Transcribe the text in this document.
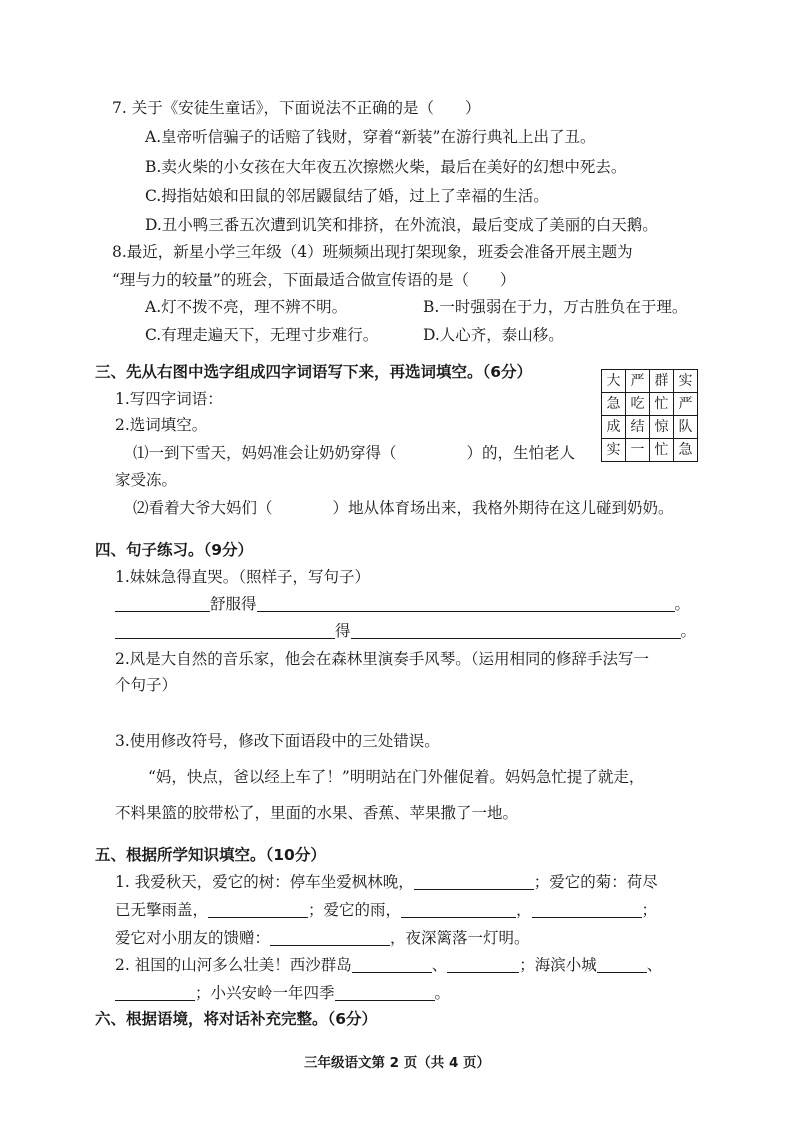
7. 关于《安徒生童话》，下面说法不正确的是（　　）
A.皇帝听信骗子的话赔了钱财，穿着“新装”在游行典礼上出了丑。
B.卖火柴的小女孩在大年夜五次擦燃火柴，最后在美好的幻想中死去。
C.拇指姑娘和田鼠的邻居鼹鼠结了婚，过上了幸福的生活。
D.丑小鸭三番五次遭到讥笑和排挤，在外流浪，最后变成了美丽的白天鹅。
8.最近，新星小学三年级（4）班频频出现打架现象，班委会准备开展主题为
“理与力的较量”的班会，下面最适合做宣传语的是（　　）
A.灯不拨不亮，理不辨不明。	B.一时强弱在于力，万古胜负在于理。
C.有理走遍天下，无理寸步难行。	D.人心齐，泰山移。
三、先从右图中选字组成四字词语写下来，再选词填空。（6分）
1.写四字词语：
2.选词填空。
⑴一到下雪天，妈妈准会让奶奶穿得（	）的，生怕老人
家受冻。
⑵看着大爷大妈们（	）地从体育场出来，我格外期待在这儿碰到奶奶。
大	严	群	实
急	吃	忙	严
成	结	惊	队
实	一	忙	急
四、句子练习。（9分）
1.妹妹急得直哭。（照样子，写句子）
舒服得	。
得	。
2.风是大自然的音乐家，他会在森林里演奏手风琴。（运用相同的修辞手法写一
个句子）
3.使用修改符号，修改下面语段中的三处错误。
“妈，快点，爸以经上车了！”明明站在门外催促着。妈妈急忙提了就走，
不料果篮的胶带松了，里面的水果、香蕉、苹果撒了一地。
五、根据所学知识填空。（10分）
1. 我爱秋天，爱它的树：停车坐爱枫林晚，	；爱它的菊：荷尽
已无擎雨盖，	；爱它的雨，	，	；
爱它对小朋友的馈赠：	，夜深篱落一灯明。
2. 祖国的山河多么壮美！西沙群岛	、	；海滨小城	、
；小兴安岭一年四季	。
六、根据语境，将对话补充完整。（6分）
三年级语文第 2 页（共 4 页）
